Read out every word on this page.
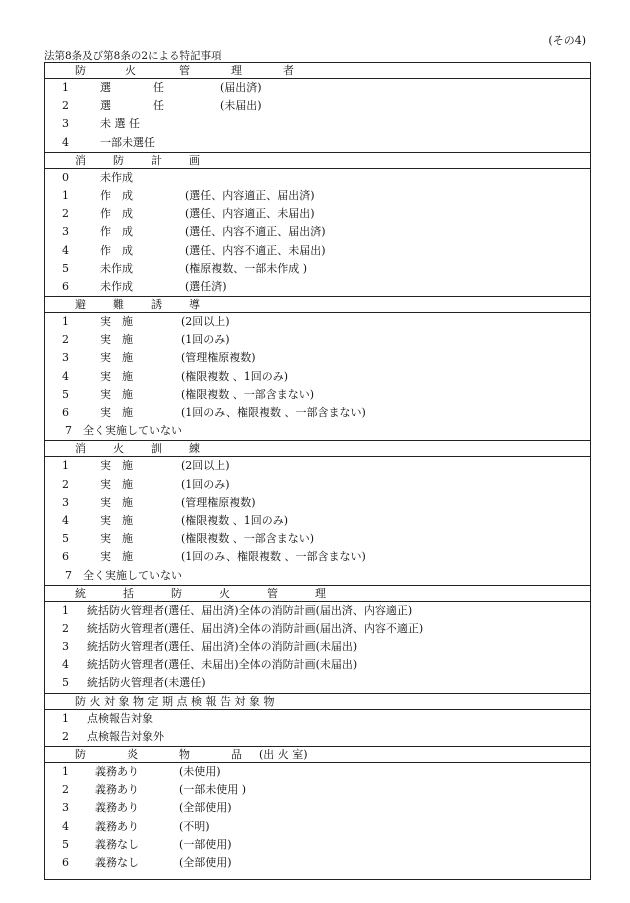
(その4)
法第8条及び第8条の2による特記事項
防	火	管	理	者
1	選	任	(届出済)
2	選	任	(未届出)
3	未 選 任
4	一部未選任
消 防 計 画
0	未作成
1	作　成	(選任、内容適正、届出済)
2	作　成	(選任、内容適正、未届出)
3	作　成	(選任、内容不適正、届出済)
4	作　成	(選任、内容不適正、未届出)
5	未作成	(権原複数、一部未作成 )
6	未作成	(選任済)
避 難 誘 導
1	実　施	(2回以上)
2	実　施	(1回のみ)
3	実　施	(管理権原複数)
4	実　施	(権限複数 、1回のみ)
5	実　施	(権限複数 、一部含まない)
6	実　施	(1回のみ、権限複数 、一部含まない)
7 全く実施していない
消 火 訓 練
1	実　施	(2回以上)
2	実　施	(1回のみ)
3	実　施	(管理権原複数)
4	実　施	(権限複数 、1回のみ)
5	実　施	(権限複数 、一部含まない)
6	実　施	(1回のみ、権限複数 、一部含まない)
7 全く実施していない
統	括	防	火	管	理
1 統括防火管理者(選任、届出済)全体の消防計画(届出済、内容適正)
2 統括防火管理者(選任、届出済)全体の消防計画(届出済、内容不適正)
3 統括防火管理者(選任、届出済)全体の消防計画(未届出)
4 統括防火管理者(選任、未届出)全体の消防計画(未届出)
5 統括防火管理者(未選任)
防 火 対 象 物 定 期 点 検 報 告 対 象 物
1 点検報告対象
2 点検報告対象外
防	炎	物	品 (出 火 室)
1 義務あり	(未使用)
2 義務あり	(一部未使用 )
3 義務あり	(全部使用)
4 義務あり	(不明)
5 義務なし	(一部使用)
6 義務なし	(全部使用)
